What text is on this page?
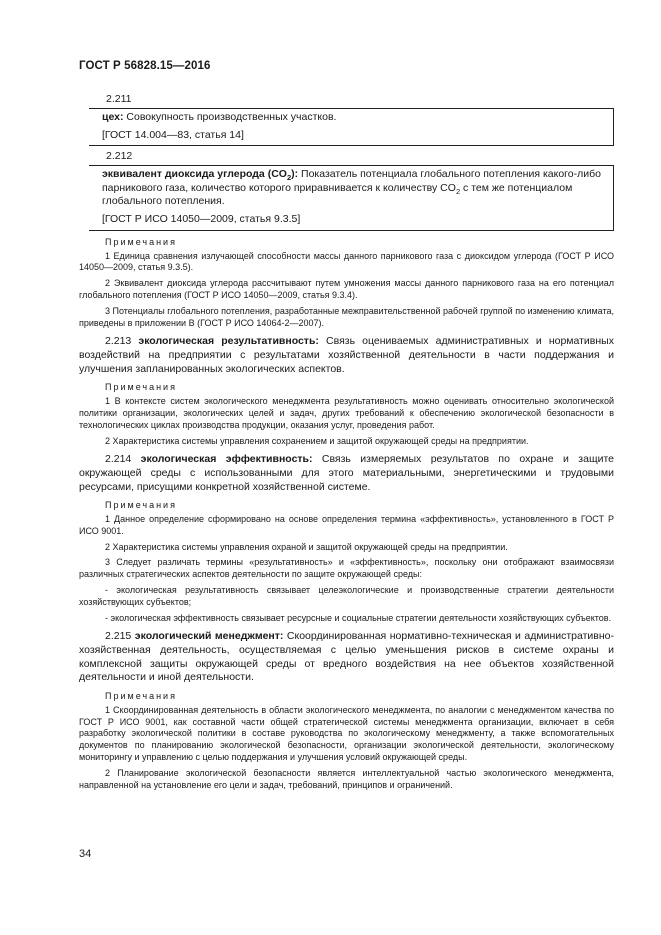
ГОСТ Р 56828.15—2016
2.211

цех: Совокупность производственных участков.

[ГОСТ 14.004—83, статья 14]

2.212

эквивалент диоксида углерода $(CO_2)$: Показатель потенциала глобального потепления какого-либо парникового газа, количество которого приравнивается к количеству $CO_2$ с тем же потенциалом глобального потепления.

[ГОСТ Р ИСО 14050—2009, статья 9.3.5]

Примечания

1 Единица сравнения излучающей способности массы данного парникового газа с диоксидом углерода (ГОСТ Р ИСО 14050—2009, статья 9.3.5).

2 Эквивалент диоксида углерода рассчитывают путем умножения массы данного парникового газа на его потенциал глобального потепления (ГОСТ Р ИСО 14050—2009, статья 9.3.4).

3 Потенциалы глобального потепления, разработанные межправительственной рабочей группой по изменению климата, приведены в приложении В (ГОСТ Р ИСО 14064-2—2007).

2.213 экологическая результативность: Связь оцениваемых административных и нормативных воздействий на предприятии с результатами хозяйственной деятельности в части поддержания и улучшения запланированных экологических аспектов.

Примечания

1 В контексте систем экологического менеджмента результативность можно оценивать относительно экологической политики организации, экологических целей и задач, других требований к обеспечению экологической безопасности в технологических циклах производства продукции, оказания услуг, проведения работ.

2 Характеристика системы управления сохранением и защитой окружающей среды на предприятии.

2.214 экологическая эффективность: Связь измеряемых результатов по охране и защите окружающей среды с использованными для этого материальными, энергетическими и трудовыми ресурсами, присущими конкретной хозяйственной системе.

Примечания

1 Данное определение сформировано на основе определения термина «эффективность», установленного в ГОСТ Р ИСО 9001.

2 Характеристика системы управления охраной и защитой окружающей среды на предприятии.

3 Следует различать термины «результативность» и «эффективность», поскольку они отображают взаимосвязи различных стратегических аспектов деятельности по защите окружающей среды:

- экологическая результативность связывает целеэкологические и производственные стратегии деятельности хозяйствующих субъектов;

- экологическая эффективность связывает ресурсные и социальные стратегии деятельности хозяйствующих субъектов.

2.215 экологический менеджмент: Скоординированная нормативно-техническая и административно-хозяйственная деятельность, осуществляемая с целью уменьшения рисков в системе охраны и комплексной защиты окружающей среды от вредного воздействия на нее объектов хозяйственной деятельности и иной деятельности.

Примечания

1 Скоординированная деятельность в области экологического менеджмента, по аналогии с менеджментом качества по ГОСТ Р ИСО 9001, как составной части общей стратегической системы менеджмента организации, включает в себя разработку экологической политики в составе руководства по экологическому менеджменту, а также вспомогательных документов по планированию экологической безопасности, организации экологической деятельности, экологическому мониторингу и управлению с целью поддержания и улучшения условий окружающей среды.

2 Планирование экологической безопасности является интеллектуальной частью экологического менеджмента, направленной на установление его цели и задач, требований, принципов и ограничений.

34
